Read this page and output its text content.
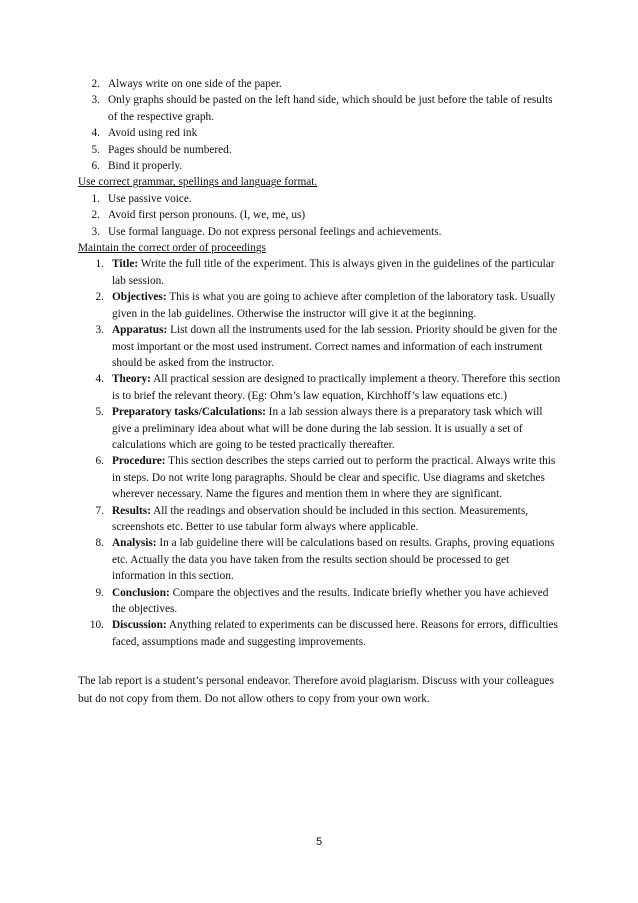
2. Always write on one side of the paper.
3. Only graphs should be pasted on the left hand side, which should be just before the table of results of the respective graph.
4. Avoid using red ink
5. Pages should be numbered.
6. Bind it properly.
Use correct grammar, spellings and language format.
1. Use passive voice.
2. Avoid first person pronouns. (I, we, me, us)
3. Use formal language. Do not express personal feelings and achievements.
Maintain the correct order of proceedings
1. Title: Write the full title of the experiment. This is always given in the guidelines of the particular lab session.
2. Objectives: This is what you are going to achieve after completion of the laboratory task. Usually given in the lab guidelines. Otherwise the instructor will give it at the beginning.
3. Apparatus: List down all the instruments used for the lab session. Priority should be given for the most important or the most used instrument. Correct names and information of each instrument should be asked from the instructor.
4. Theory: All practical session are designed to practically implement a theory. Therefore this section is to brief the relevant theory. (Eg: Ohm’s law equation, Kirchhoff’s law equations etc.)
5. Preparatory tasks/Calculations: In a lab session always there is a preparatory task which will give a preliminary idea about what will be done during the lab session. It is usually a set of calculations which are going to be tested practically thereafter.
6. Procedure: This section describes the steps carried out to perform the practical. Always write this in steps. Do not write long paragraphs. Should be clear and specific. Use diagrams and sketches wherever necessary. Name the figures and mention them in where they are significant.
7. Results: All the readings and observation should be included in this section. Measurements, screenshots etc. Better to use tabular form always where applicable.
8. Analysis: In a lab guideline there will be calculations based on results. Graphs, proving equations etc. Actually the data you have taken from the results section should be processed to get information in this section.
9. Conclusion: Compare the objectives and the results. Indicate briefly whether you have achieved the objectives.
10. Discussion: Anything related to experiments can be discussed here. Reasons for errors, difficulties faced, assumptions made and suggesting improvements.
The lab report is a student’s personal endeavor. Therefore avoid plagiarism. Discuss with your colleagues but do not copy from them. Do not allow others to copy from your own work.
5
